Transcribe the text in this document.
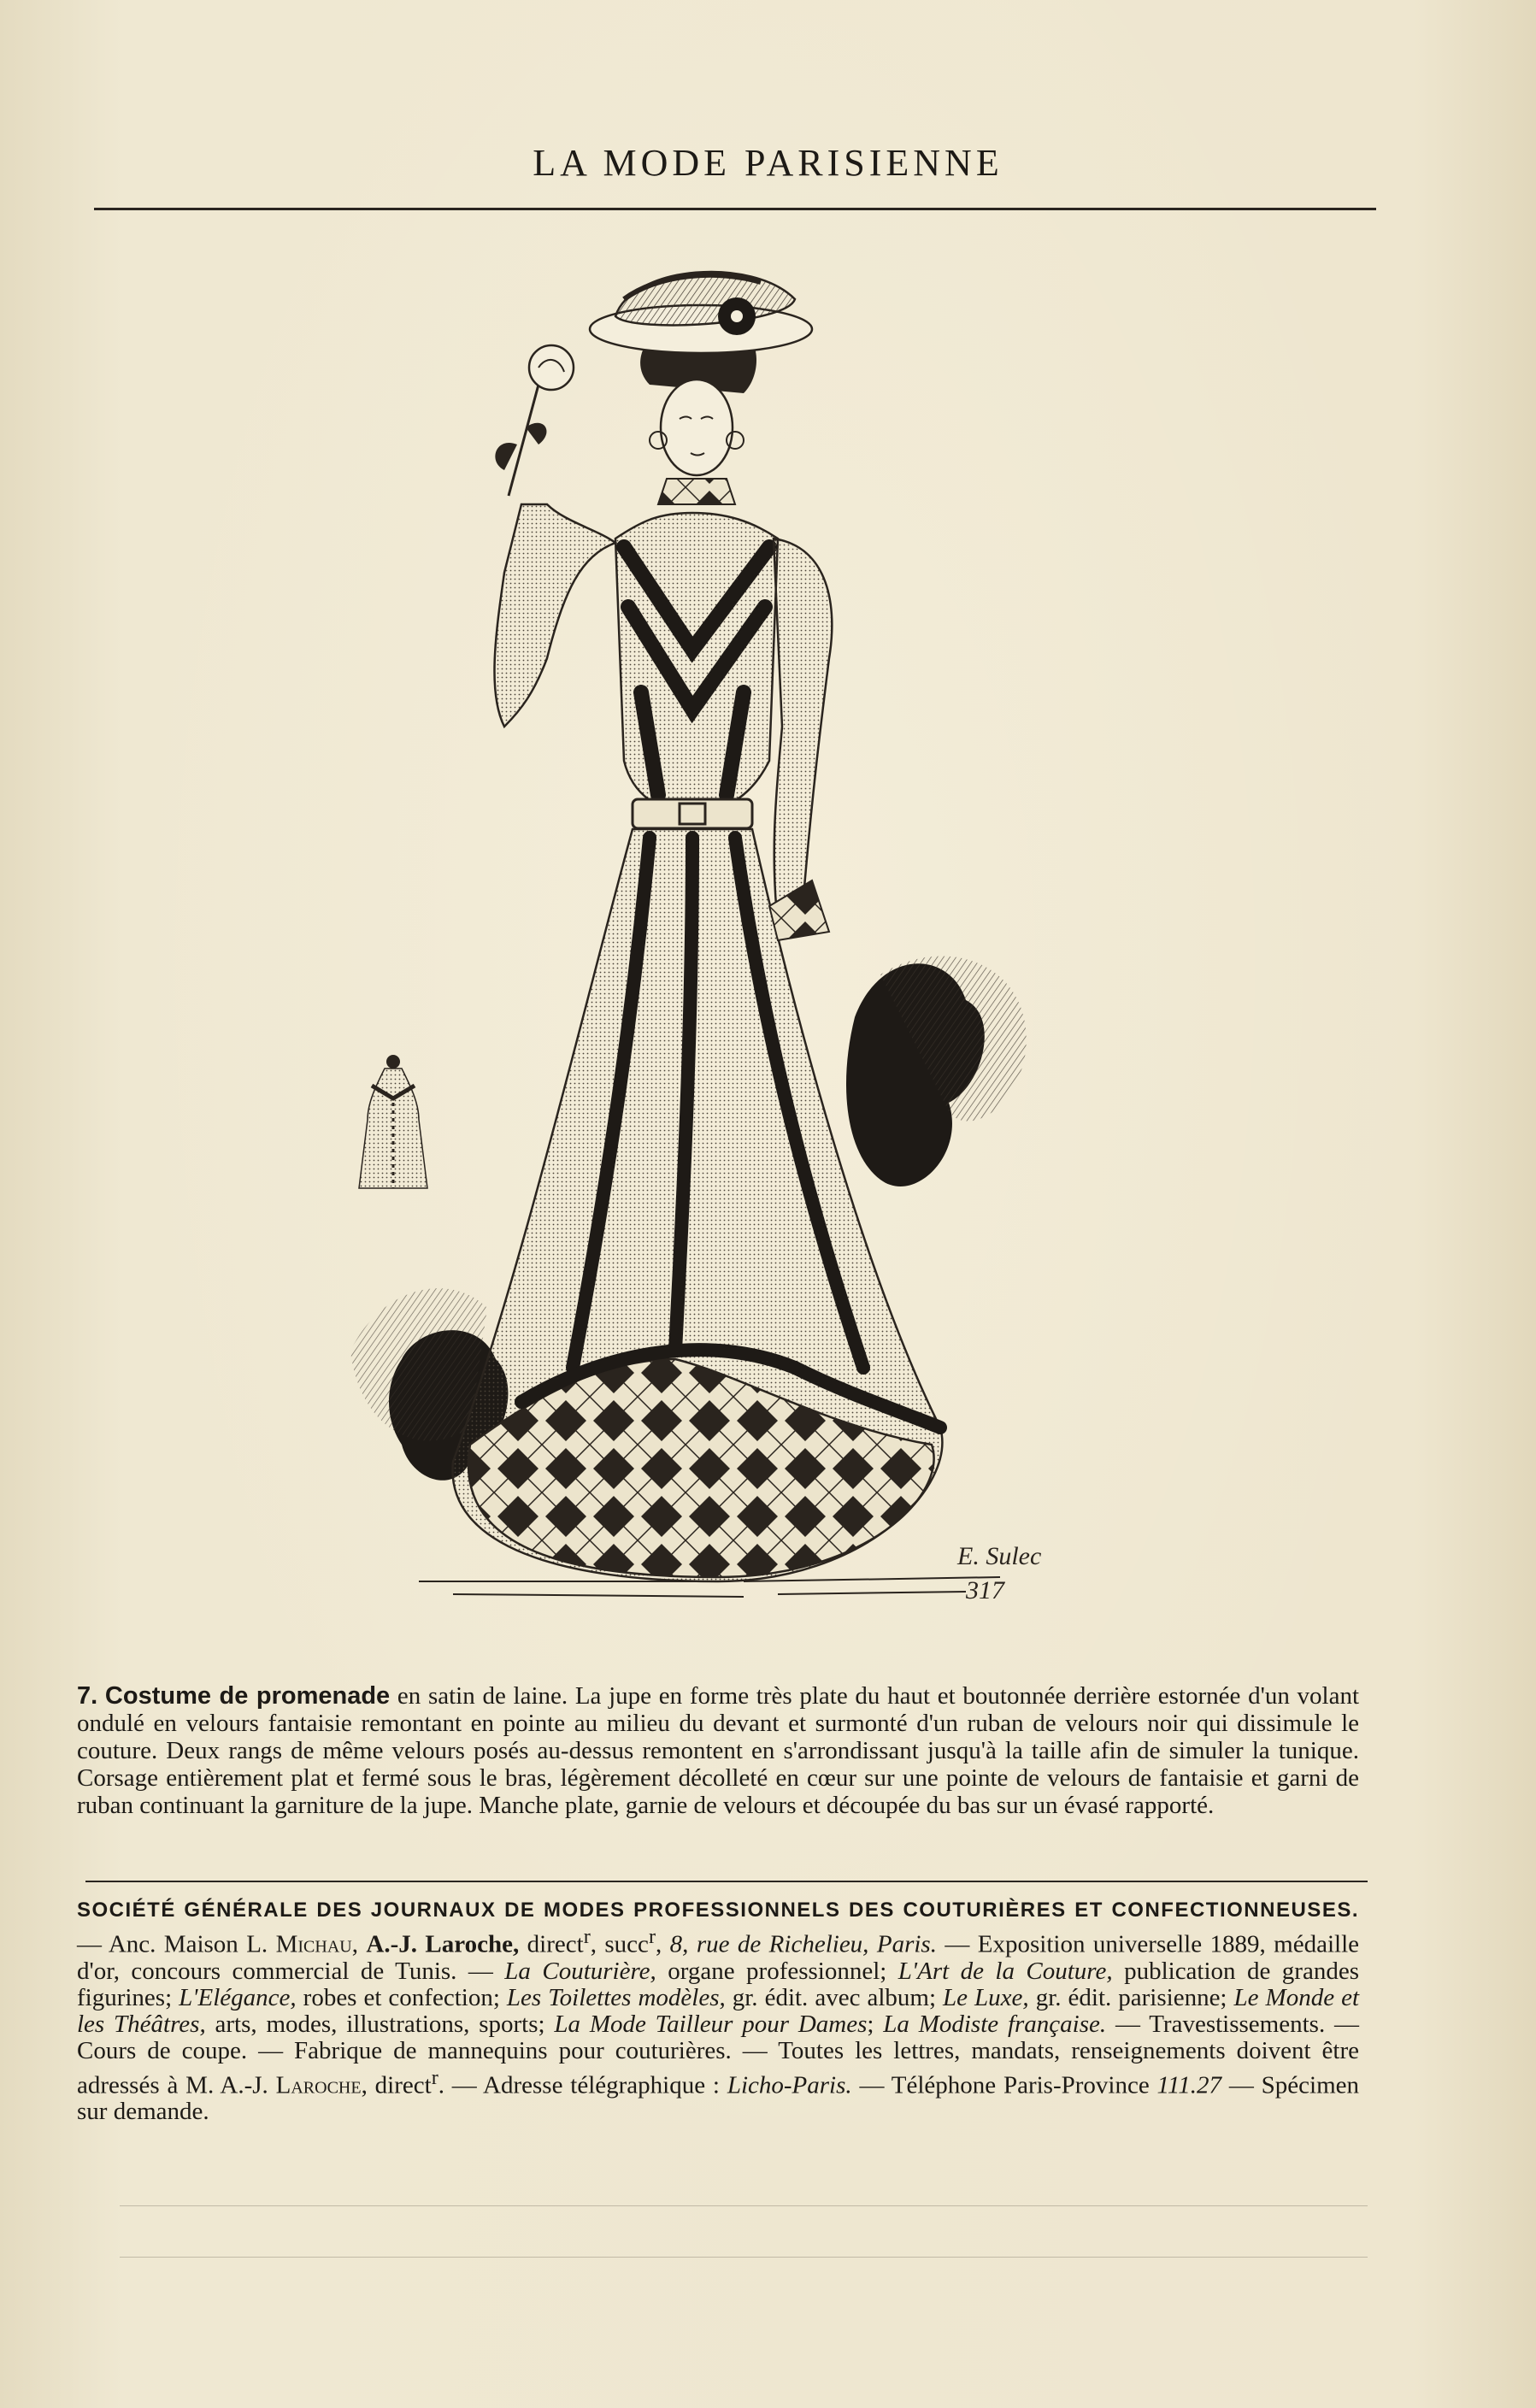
LA MODE PARISIENNE
E. Sulec
317
7. Costume de promenade en satin de laine. La jupe en forme très plate du haut et boutonnée derrière estornée d'un volant ondulé en velours fantaisie remontant en pointe au milieu du devant et surmonté d'un ruban de velours noir qui dissimule le couture. Deux rangs de même velours posés au-dessus remontent en s'arrondissant jusqu'à la taille afin de simuler la tunique. Corsage entièrement plat et fermé sous le bras, légèrement décolleté en cœur sur une pointe de velours de fantaisie et garni de ruban continuant la garniture de la jupe. Manche plate, garnie de velours et découpée du bas sur un évasé rapporté.
SOCIÉTÉ GÉNÉRALE DES JOURNAUX DE MODES PROFESSIONNELS DES COUTURIÈRES ET CONFECTIONNEUSES. — Anc. Maison L. Michau, A.-J. Laroche, direct$^r$, succ$^r$, 8, rue de Richelieu, Paris. — Exposition universelle 1889, médaille d'or, concours commercial de Tunis. — La Couturière, organe professionnel; L'Art de la Couture, publication de grandes figurines; L'Elégance, robes et confection; Les Toilettes modèles, gr. édit. avec album; Le Luxe, gr. édit. parisienne; Le Monde et les Théâtres, arts, modes, illustrations, sports; La Mode Tailleur pour Dames; La Modiste française. — Travestissements. — Cours de coupe. — Fabrique de mannequins pour couturières. — Toutes les lettres, mandats, renseignements doivent être adressés à M. A.-J. Laroche, direct$^r$. — Adresse télégraphique : Licho-Paris. — Téléphone Paris-Province 111.27 — Spécimen sur demande.
